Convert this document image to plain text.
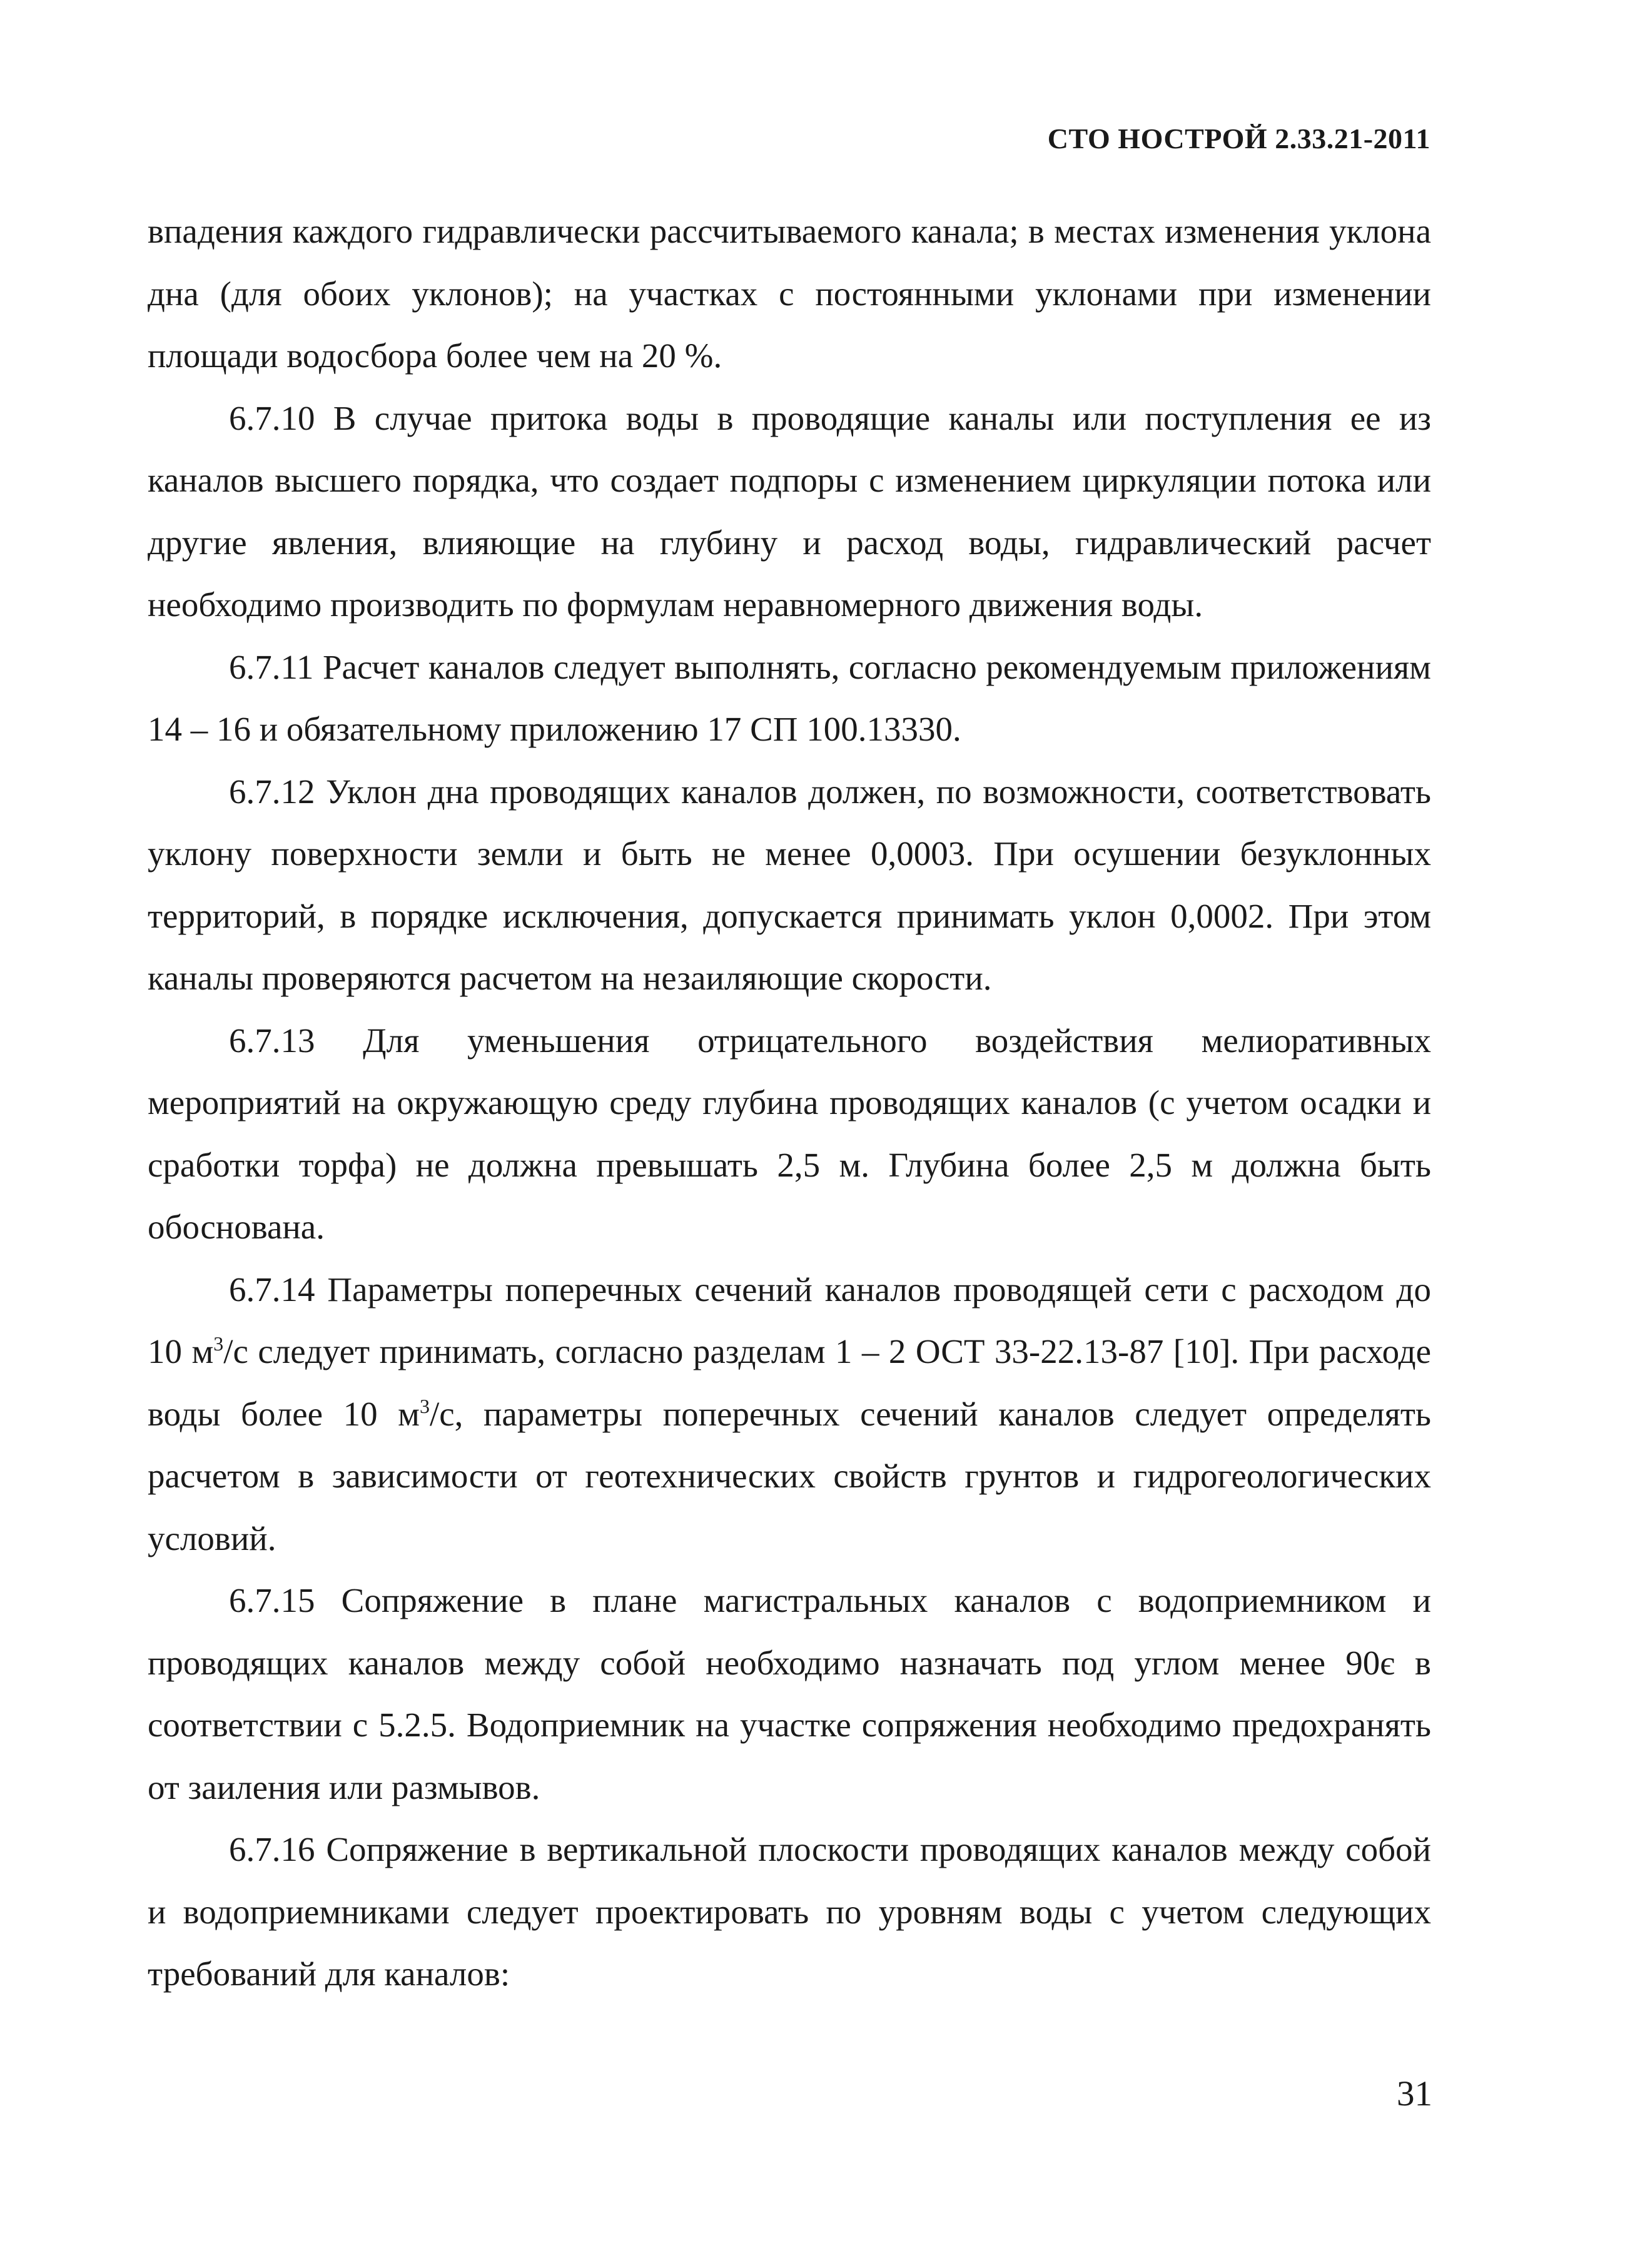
СТО НОСТРОЙ 2.33.21-2011

впадения каждого гидравлически рассчитываемого канала; в местах изменения уклона дна (для обоих уклонов); на участках с постоянными уклонами при изменении площади водосбора более чем на 20 %.

6.7.10 В случае притока воды в проводящие каналы или поступления ее из каналов высшего порядка, что создает подпоры с изменением циркуляции потока или другие явления, влияющие на глубину и расход воды, гидравлический расчет необходимо производить по формулам неравномерного движения воды.

6.7.11 Расчет каналов следует выполнять, согласно рекомендуемым приложениям 14 – 16 и обязательному приложению 17 СП 100.13330.

6.7.12 Уклон дна проводящих каналов должен, по возможности, соответствовать уклону поверхности земли и быть не менее 0,0003. При осушении безуклонных территорий, в порядке исключения, допускается принимать уклон 0,0002. При этом каналы проверяются расчетом на незаиляющие скорости.

6.7.13 Для уменьшения отрицательного воздействия мелиоративных мероприятий на окружающую среду глубина проводящих каналов (с учетом осадки и сработки торфа) не должна превышать 2,5 м. Глубина более 2,5 м должна быть обоснована.

6.7.14 Параметры поперечных сечений каналов проводящей сети с расходом до 10 $м^3/с$ следует принимать, согласно разделам 1 – 2 ОСТ 33-22.13-87 [10]. При расходе воды более 10 $м^3/с$, параметры поперечных сечений каналов следует определять расчетом в зависимости от геотехнических свойств грунтов и гидрогеологических условий.

6.7.15 Сопряжение в плане магистральных каналов с водоприемником и проводящих каналов между собой необходимо назначать под углом менее 90є в соответствии с 5.2.5. Водоприемник на участке сопряжения необходимо предохранять от заиления или размывов.

6.7.16 Сопряжение в вертикальной плоскости проводящих каналов между собой и водоприемниками следует проектировать по уровням воды с учетом следующих требований для каналов:

31
